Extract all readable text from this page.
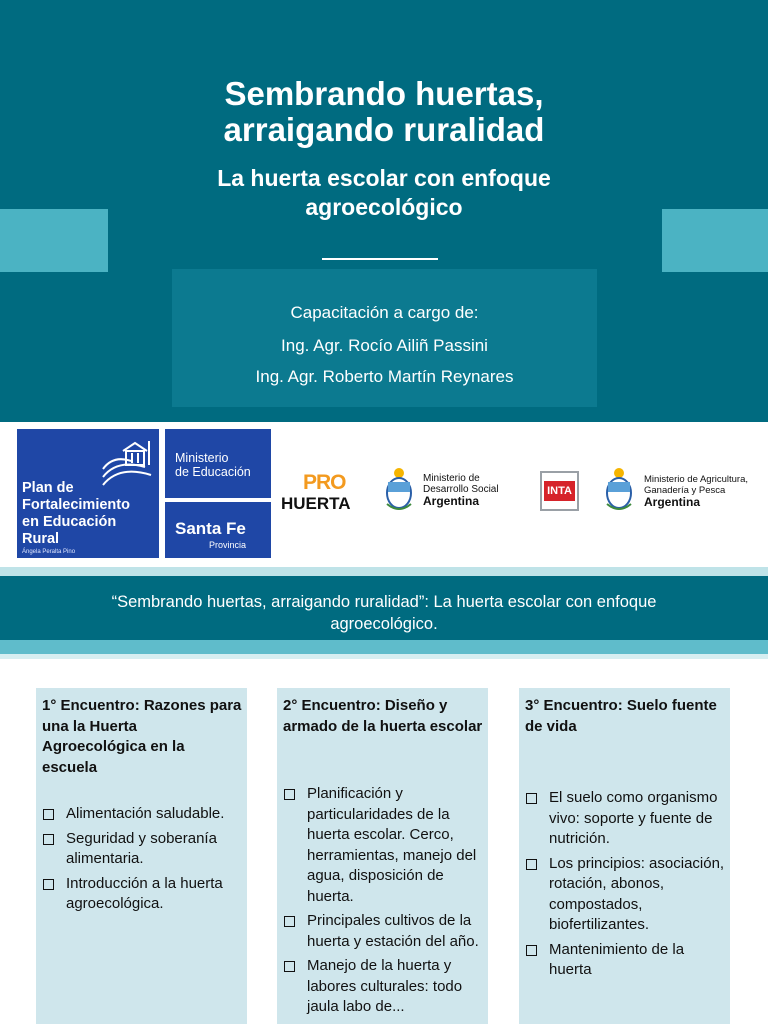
Sembrando huertas,
arraigando ruralidad
La huerta escolar con enfoque
agroecológico
Capacitación a cargo de:
Ing. Agr. Rocío Ailiñ Passini
Ing. Agr. Roberto Martín Reynares
Plan de
Fortalecimiento
en Educación
Rural
Ángela Peralta Pino
Ministerio
de Educación
Santa Fe
Provincia
PRO
HUERTA
Ministerio de
Desarrollo Social
Argentina
INTA
Ministerio de Agricultura,
Ganadería y Pesca
Argentina
“Sembrando huertas, arraigando ruralidad”: La huerta escolar con enfoque
agroecológico.
1° Encuentro: Razones para una la Huerta Agroecológica en la escuela
Alimentación saludable.
Seguridad y soberanía alimentaria.
Introducción a la huerta agroecológica.
2° Encuentro: Diseño y armado de la huerta escolar
Planificación y particularidades de la huerta escolar. Cerco, herramientas, manejo del agua, disposición de huerta.
Principales cultivos de la huerta y estación del año.
Manejo de la huerta y labores culturales: todo jaula labo de...
3° Encuentro: Suelo fuente de vida
El suelo como organismo vivo: soporte y fuente de nutrición.
Los principios: asociación, rotación, abonos, compostados, biofertilizantes.
Mantenimiento de la huerta
